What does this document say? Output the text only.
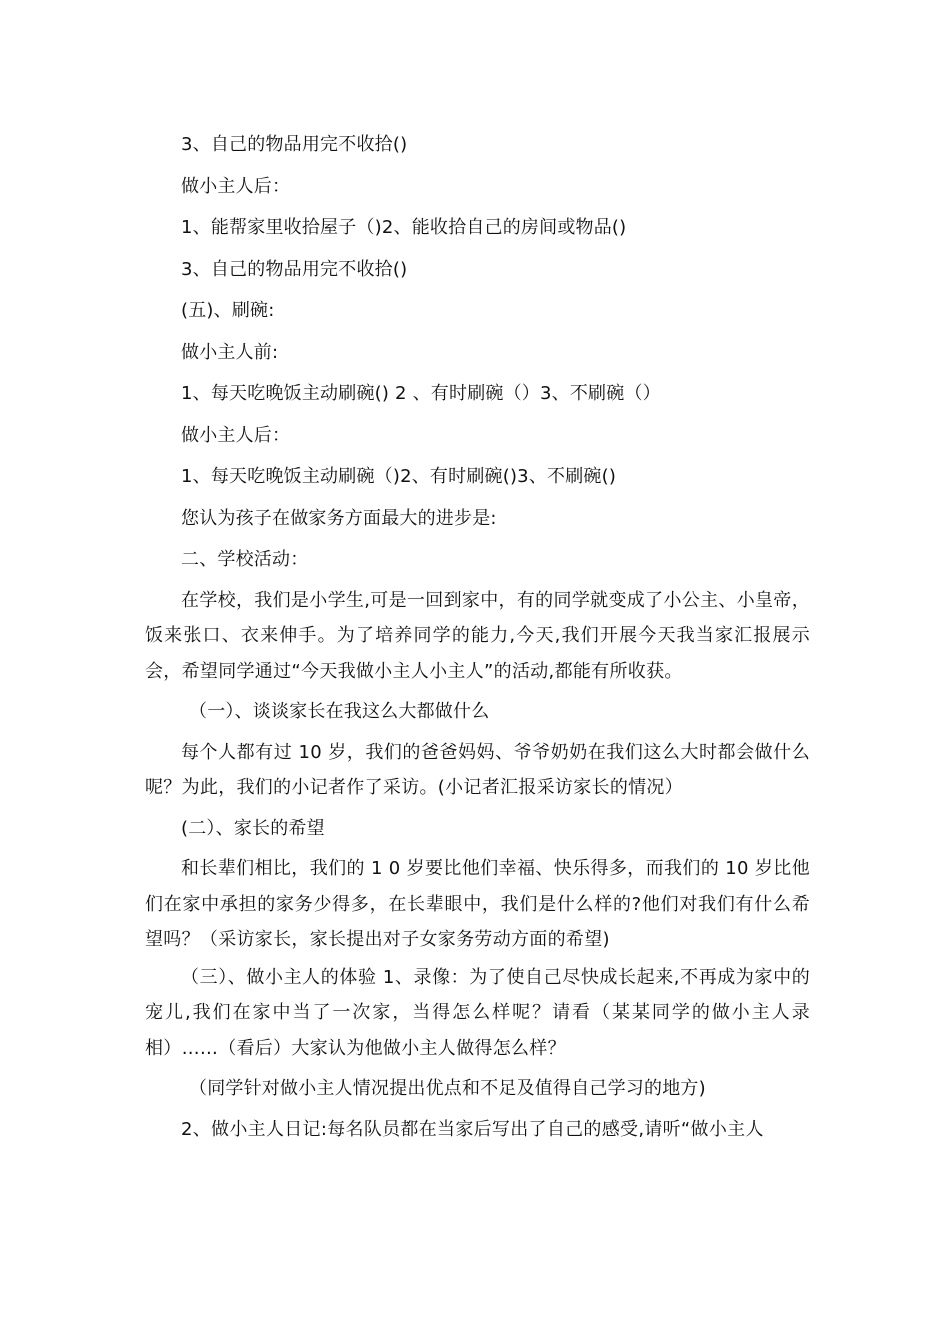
3、自己的物品用完不收拾()
做小主人后：
1、能帮家里收拾屋子（)2、能收拾自己的房间或物品()
3、自己的物品用完不收拾()
(五)、刷碗:
做小主人前:
1、每天吃晚饭主动刷碗() 2 、有时刷碗（）3、不刷碗（）
做小主人后：
1、每天吃晚饭主动刷碗（)2、有时刷碗()3、不刷碗()
您认为孩子在做家务方面最大的进步是:
二、学校活动：

在学校，我们是小学生,可是一回到家中，有的同学就变成了小公主、小皇帝，饭来张口、衣来伸手。为了培养同学的能力,今天,我们开展今天我当家汇报展示会，希望同学通过“今天我做小主人小主人”的活动,都能有所收获。

（一）、谈谈家长在我这么大都做什么

每个人都有过 10 岁，我们的爸爸妈妈、爷爷奶奶在我们这么大时都会做什么呢？为此，我们的小记者作了采访。(小记者汇报采访家长的情况）

(二）、家长的希望

和长辈们相比，我们的 1 0 岁要比他们幸福、快乐得多，而我们的 10 岁比他们在家中承担的家务少得多，在长辈眼中，我们是什么样的?他们对我们有什么希望吗？（采访家长，家长提出对子女家务劳动方面的希望)

（三）、做小主人的体验 1、录像：为了使自己尽快成长起来,不再成为家中的宠儿,我们在家中当了一次家，当得怎么样呢？请看（某某同学的做小主人录相）……（看后）大家认为他做小主人做得怎么样？

（同学针对做小主人情况提出优点和不足及值得自己学习的地方)

2、做小主人日记:每名队员都在当家后写出了自己的感受,请听“做小主人
